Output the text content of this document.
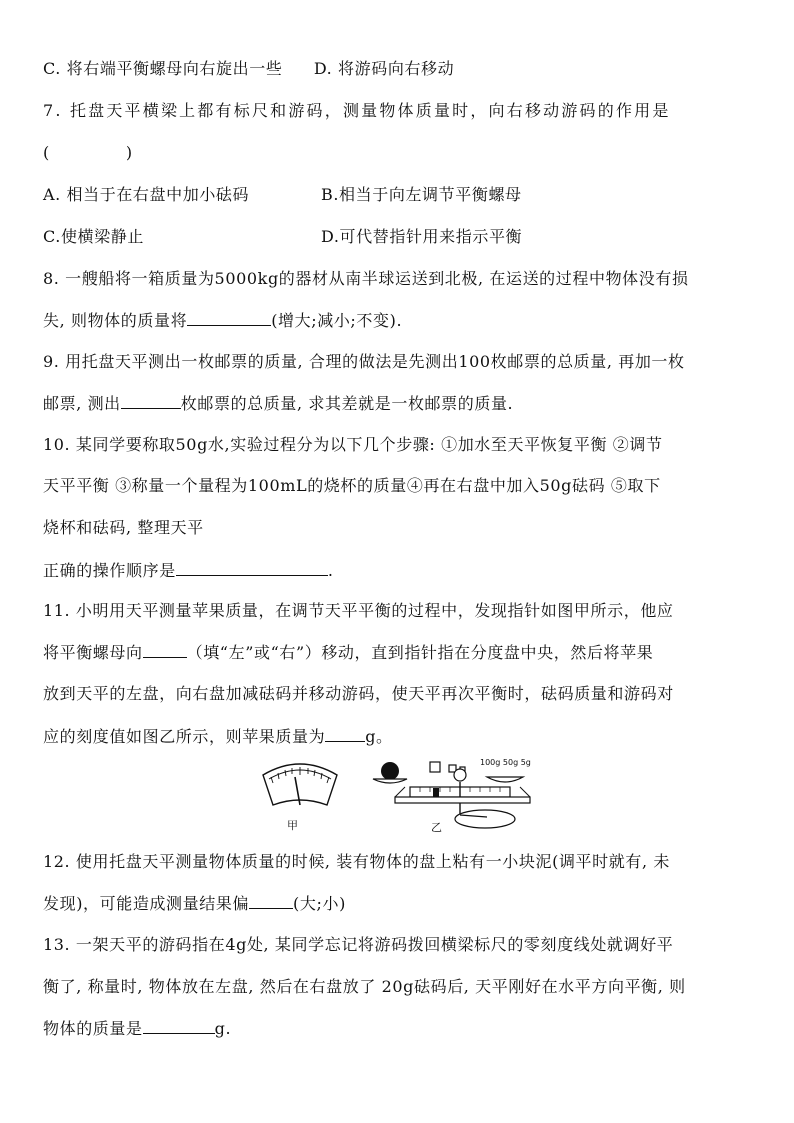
C. 将右端平衡螺母向右旋出一些 D. 将游码向右移动
7. 托盘天平横梁上都有标尺和游码，测量物体质量时，向右移动游码的作用是
(	)
A. 相当于在右盘中加小砝码	B.相当于向左调节平衡螺母
C.使横梁静止	D.可代替指针用来指示平衡
8. 一艘船将一箱质量为5000kg的器材从南半球运送到北极, 在运送的过程中物体没有损
失, 则物体的质量将	(增大;减小;不变).
9. 用托盘天平测出一枚邮票的质量, 合理的做法是先测出100枚邮票的总质量, 再加一枚
邮票, 测出	枚邮票的总质量, 求其差就是一枚邮票的质量.
10. 某同学要称取50g水,实验过程分为以下几个步骤: ①加水至天平恢复平衡 ②调节
天平平衡 ③称量一个量程为100mL的烧杯的质量④再在右盘中加入50g砝码 ⑤取下
烧杯和砝码, 整理天平
正确的操作顺序是	.
11. 小明用天平测量苹果质量，在调节天平平衡的过程中，发现指针如图甲所示，他应
将平衡螺母向	（填“左”或“右”）移动，直到指针指在分度盘中央，然后将苹果
放到天平的左盘，向右盘加减砝码并移动游码，使天平再次平衡时，砝码质量和游码对
应的刻度值如图乙所示，则苹果质量为	g。
甲	乙
100g 50g 5g
12. 使用托盘天平测量物体质量的时候, 装有物体的盘上粘有一小块泥(调平时就有, 未
发现)，可能造成测量结果偏	(大;小)
13. 一架天平的游码指在4g处, 某同学忘记将游码拨回横梁标尺的零刻度线处就调好平
衡了, 称量时, 物体放在左盘, 然后在右盘放了 20g砝码后, 天平刚好在水平方向平衡, 则
物体的质量是	g.
